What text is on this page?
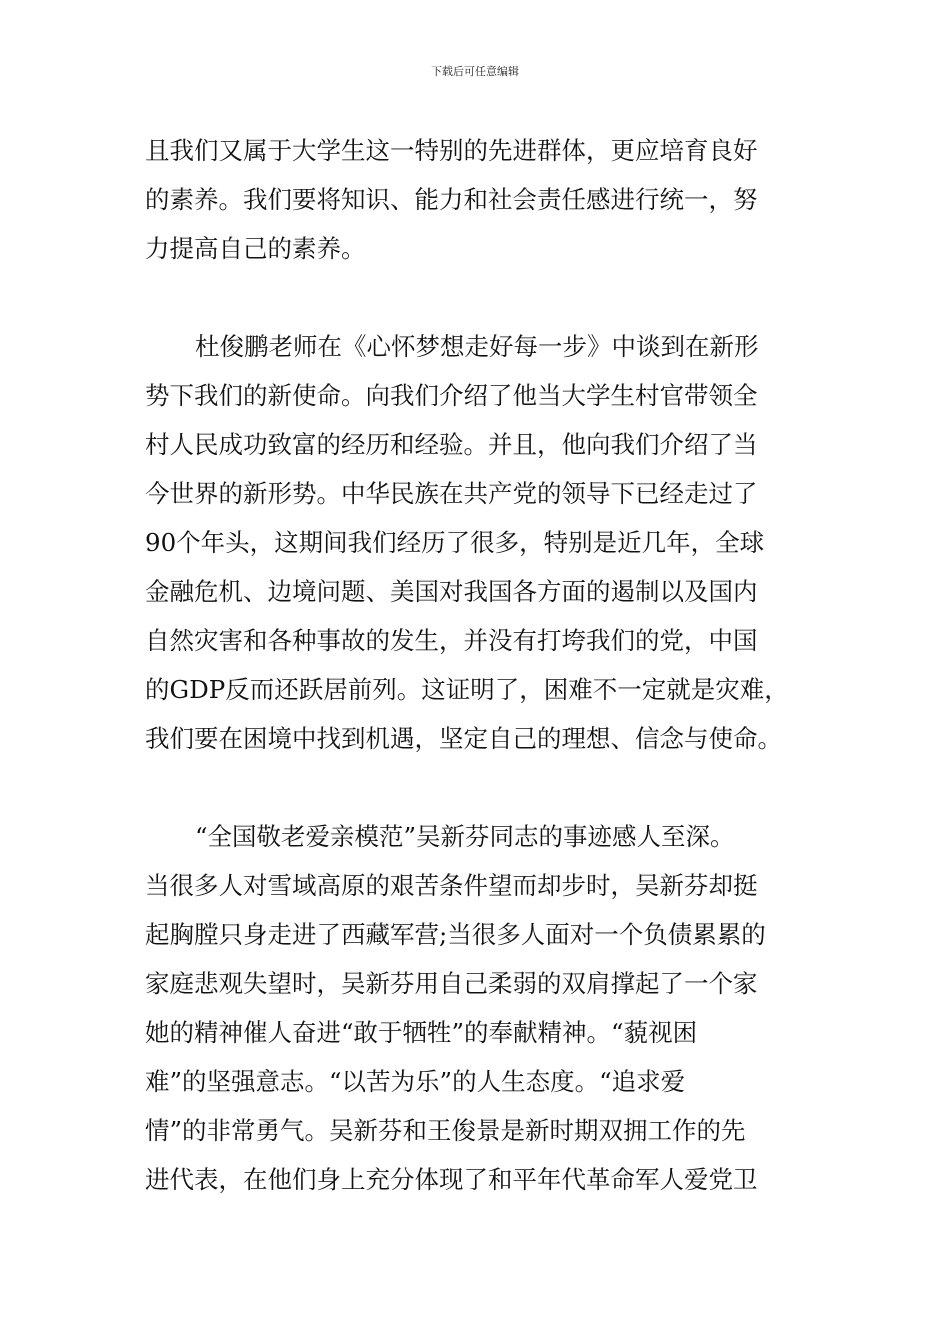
下载后可任意编辑
且我们又属于大学生这一特别的先进群体，更应培育良好
的素养。我们要将知识、能力和社会责任感进行统一，努
力提高自己的素养。
杜俊鹏老师在《心怀梦想走好每一步》中谈到在新形
势下我们的新使命。向我们介绍了他当大学生村官带领全
村人民成功致富的经历和经验。并且，他向我们介绍了当
今世界的新形势。中华民族在共产党的领导下已经走过了
90个年头，这期间我们经历了很多，特别是近几年，全球
金融危机、边境问题、美国对我国各方面的遏制以及国内
自然灾害和各种事故的发生，并没有打垮我们的党，中国
的GDP反而还跃居前列。这证明了，困难不一定就是灾难，
我们要在困境中找到机遇，坚定自己的理想、信念与使命。
“全国敬老爱亲模范”吴新芬同志的事迹感人至深。
当很多人对雪域高原的艰苦条件望而却步时，吴新芬却挺
起胸膛只身走进了西藏军营;当很多人面对一个负债累累的
家庭悲观失望时，吴新芬用自己柔弱的双肩撑起了一个家
她的精神催人奋进“敢于牺牲”的奉献精神。“藐视困
难”的坚强意志。“以苦为乐”的人生态度。“追求爱
情”的非常勇气。吴新芬和王俊景是新时期双拥工作的先
进代表，在他们身上充分体现了和平年代革命军人爱党卫
